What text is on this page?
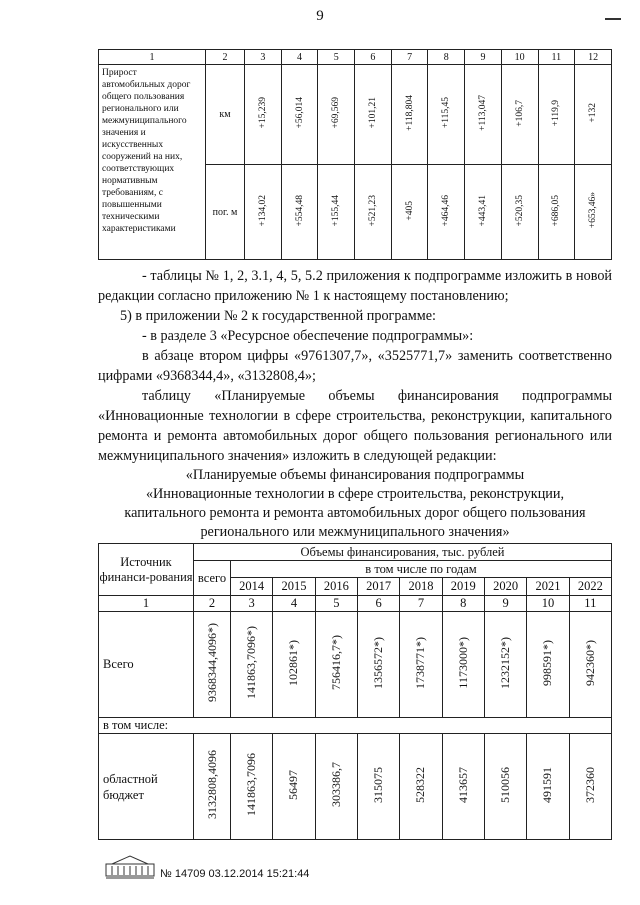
9
1	2	3	4	5	6	7	8	9	10	11	12
Прирост автомобильных дорог общего пользования регионального или межмуниципального значения и искусственных сооружений на них, соответствующих нормативным требованиям, с повышенными техническими характеристиками	км	+15,239	+56,014	+69,569	+101,21	+118,804	+115,45	+113,047	+106,7	+119,9	+132
	пог. м	+134,02	+554,48	+155,44	+521,23	+405	+464,46	+443,41	+520,35	+686,05	+653,46»

- таблицы № 1, 2, 3.1, 4, 5, 5.2 приложения к подпрограмме изложить в новой редакции согласно приложению № 1 к настоящему постановлению;

5) в приложении № 2 к государственной программе:

- в разделе 3 «Ресурсное обеспечение подпрограммы»:

в абзаце втором цифры «9761307,7», «3525771,7» заменить соответственно цифрами «9368344,4», «3132808,4»;

таблицу «Планируемые объемы финансирования подпрограммы «Инновационные технологии в сфере строительства, реконструкции, капитального ремонта и ремонта автомобильных дорог общего пользования регионального или межмуниципального значения» изложить в следующей редакции:

«Планируемые объемы финансирования подпрограммы
«Инновационные технологии в сфере строительства, реконструкции,
капитального ремонта и ремонта автомобильных дорог общего пользования
регионального или межмуниципального значения»
Источник финанси-рования	Объемы финансирования, тыс. рублей									
	всего	в том числе по годам								
		2014	2015	2016	2017	2018	2019	2020	2021	2022
1	2	3	4	5	6	7	8	9	10	11
Всего	9368344,4096*)	141863,7096*)	102861*)	756416,7*)	1356572*)	1738771*)	1173000*)	1232152*)	998591*)	942360*)
в том числе:										
областной бюджет	3132808,4096	141863,7096	56497	303386,7	315075	528322	413657	510056	491591	372360
№ 14709 03.12.2014 15:21:44
